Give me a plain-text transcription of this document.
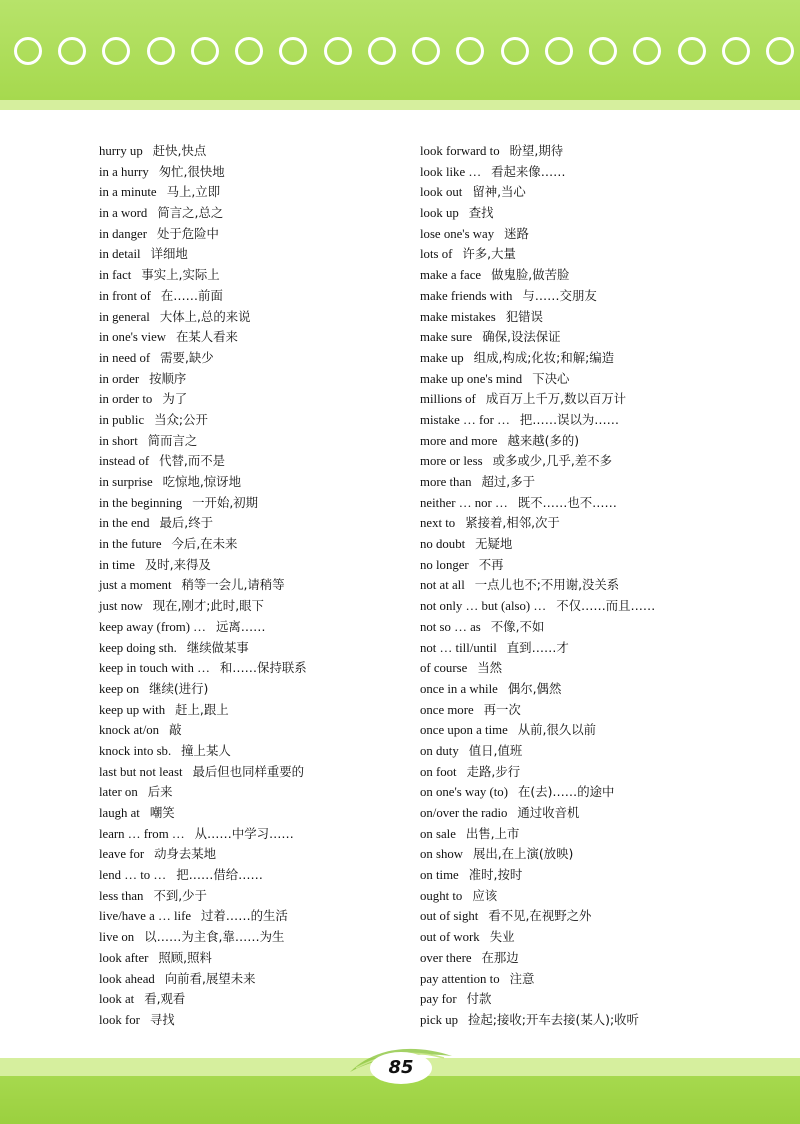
hurry up 赶快,快点
in a hurry 匆忙,很快地
in a minute 马上,立即
in a word 简言之,总之
in danger 处于危险中
in detail 详细地
in fact 事实上,实际上
in front of 在……前面
in general 大体上,总的来说
in one's view 在某人看来
in need of 需要,缺少
in order 按顺序
in order to 为了
in public 当众;公开
in short 简而言之
instead of 代替,而不是
in surprise 吃惊地,惊讶地
in the beginning 一开始,初期
in the end 最后,终于
in the future 今后,在未来
in time 及时,来得及
just a moment 稍等一会儿,请稍等
just now 现在,刚才;此时,眼下
keep away (from) … 远离……
keep doing sth. 继续做某事
keep in touch with … 和……保持联系
keep on 继续(进行)
keep up with 赶上,跟上
knock at/on 敲
knock into sb. 撞上某人
last but not least 最后但也同样重要的
later on 后来
laugh at 嘲笑
learn … from … 从……中学习……
leave for 动身去某地
lend … to … 把……借给……
less than 不到,少于
live/have a … life 过着……的生活
live on 以……为主食,靠……为生
look after 照顾,照料
look ahead 向前看,展望未来
look at 看,观看
look for 寻找
look forward to 盼望,期待
look like … 看起来像……
look out 留神,当心
look up 查找
lose one's way 迷路
lots of 许多,大量
make a face 做鬼脸,做苦脸
make friends with 与……交朋友
make mistakes 犯错误
make sure 确保,设法保证
make up 组成,构成;化妆;和解;编造
make up one's mind 下决心
millions of 成百万上千万,数以百万计
mistake … for … 把……误以为……
more and more 越来越(多的)
more or less 或多或少,几乎,差不多
more than 超过,多于
neither … nor … 既不……也不……
next to 紧接着,相邻,次于
no doubt 无疑地
no longer 不再
not at all 一点儿也不;不用谢,没关系
not only … but (also) … 不仅……而且……
not so … as 不像,不如
not … till/until 直到……才
of course 当然
once in a while 偶尔,偶然
once more 再一次
once upon a time 从前,很久以前
on duty 值日,值班
on foot 走路,步行
on one's way (to) 在(去)……的途中
on/over the radio 通过收音机
on sale 出售,上市
on show 展出,在上演(放映)
on time 准时,按时
ought to 应该
out of sight 看不见,在视野之外
out of work 失业
over there 在那边
pay attention to 注意
pay for 付款
pick up 捡起;接收;开车去接(某人);收听
85
